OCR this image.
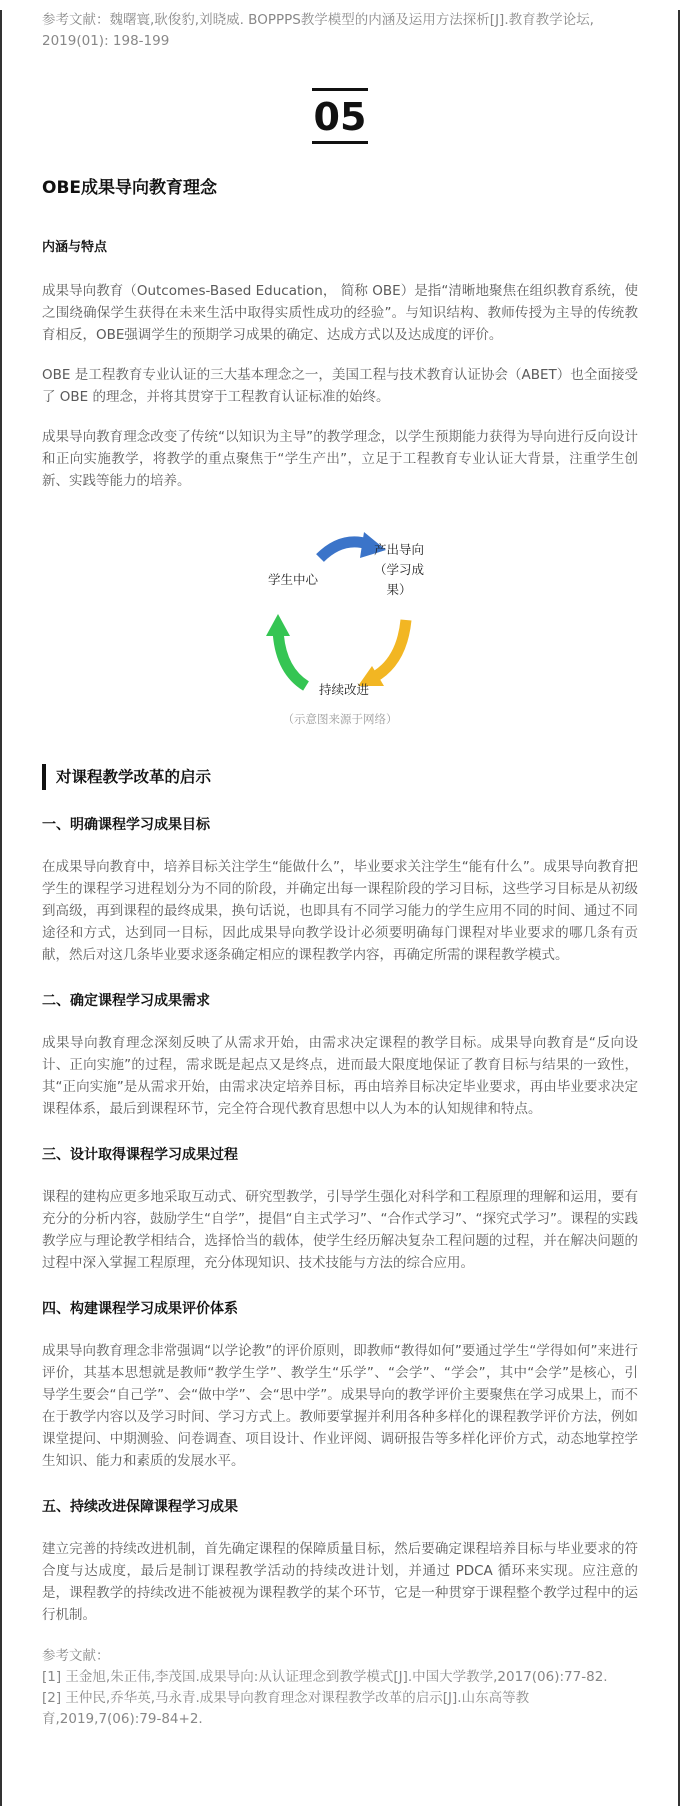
参考文献：魏曙寰,耿俊豹,刘晓威. BOPPPS教学模型的内涵及运用方法探析[J].教育教学论坛, 2019(01): 198-199
05
OBE成果导向教育理念
内涵与特点
成果导向教育（Outcomes-Based Education， 简称 OBE）是指“清晰地聚焦在组织教育系统，使之围绕确保学生获得在未来生活中取得实质性成功的经验”。与知识结构、教师传授为主导的传统教育相反，OBE强调学生的预期学习成果的确定、达成方式以及达成度的评价。
OBE 是工程教育专业认证的三大基本理念之一，美国工程与技术教育认证协会（ABET）也全面接受了 OBE 的理念，并将其贯穿于工程教育认证标准的始终。
成果导向教育理念改变了传统“以知识为主导”的教学理念，以学生预期能力获得为导向进行反向设计和正向实施教学，将教学的重点聚焦于“学生产出”，立足于工程教育专业认证大背景，注重学生创新、实践等能力的培养。
学生中心
产出导向
（学习成
果）
持续改进
（示意图来源于网络）
对课程教学改革的启示
一、明确课程学习成果目标
在成果导向教育中，培养目标关注学生“能做什么”，毕业要求关注学生“能有什么”。成果导向教育把学生的课程学习进程划分为不同的阶段，并确定出每一课程阶段的学习目标，这些学习目标是从初级到高级，再到课程的最终成果，换句话说，也即具有不同学习能力的学生应用不同的时间、通过不同途径和方式，达到同一目标，因此成果导向教学设计必须要明确每门课程对毕业要求的哪几条有贡献，然后对这几条毕业要求逐条确定相应的课程教学内容，再确定所需的课程教学模式。
二、确定课程学习成果需求
成果导向教育理念深刻反映了从需求开始，由需求决定课程的教学目标。成果导向教育是“反向设计、正向实施”的过程，需求既是起点又是终点，进而最大限度地保证了教育目标与结果的一致性，其“正向实施”是从需求开始，由需求决定培养目标，再由培养目标决定毕业要求，再由毕业要求决定课程体系，最后到课程环节，完全符合现代教育思想中以人为本的认知规律和特点。
三、设计取得课程学习成果过程
课程的建构应更多地采取互动式、研究型教学，引导学生强化对科学和工程原理的理解和运用，要有充分的分析内容，鼓励学生“自学”，提倡“自主式学习”、“合作式学习”、“探究式学习”。课程的实践教学应与理论教学相结合，选择恰当的载体，使学生经历解决复杂工程问题的过程，并在解决问题的过程中深入掌握工程原理，充分体现知识、技术技能与方法的综合应用。
四、构建课程学习成果评价体系
成果导向教育理念非常强调“以学论教”的评价原则，即教师“教得如何”要通过学生“学得如何”来进行评价，其基本思想就是教师“教学生学”、教学生“乐学”、“会学”、“学会”，其中“会学”是核心，引导学生要会“自己学”、会“做中学”、会“思中学”。成果导向的教学评价主要聚焦在学习成果上，而不在于教学内容以及学习时间、学习方式上。教师要掌握并利用各种多样化的课程教学评价方法，例如课堂提问、中期测验、问卷调查、项目设计、作业评阅、调研报告等多样化评价方式，动态地掌控学生知识、能力和素质的发展水平。
五、持续改进保障课程学习成果
建立完善的持续改进机制，首先确定课程的保障质量目标，然后要确定课程培养目标与毕业要求的符合度与达成度，最后是制订课程教学活动的持续改进计划，并通过 PDCA 循环来实现。应注意的是，课程教学的持续改进不能被视为课程教学的某个环节，它是一种贯穿于课程整个教学过程中的运行机制。
参考文献：
[1] 王金旭,朱正伟,李茂国.成果导向:从认证理念到教学模式[J].中国大学教学,2017(06):77-82.
[2] 王仲民,乔华英,马永青.成果导向教育理念对课程教学改革的启示[J].山东高等教育,2019,7(06):79-84+2.
